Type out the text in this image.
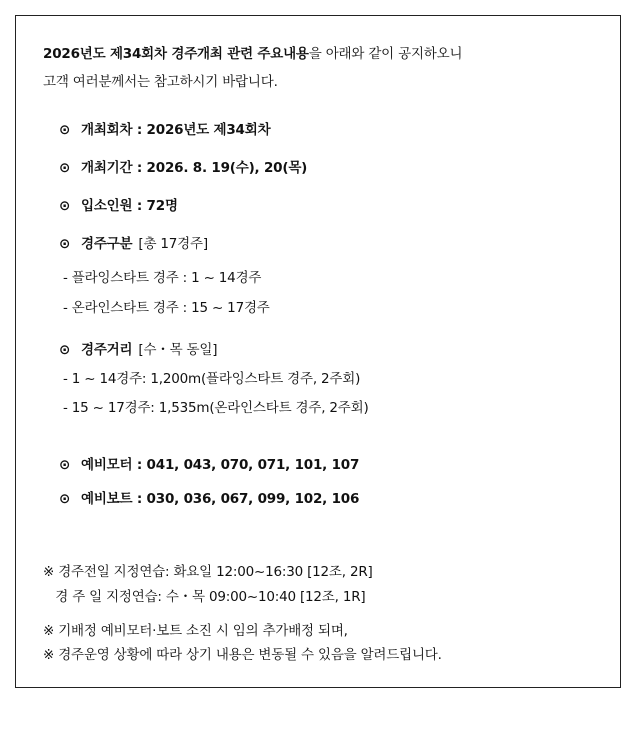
2026년도 제34회차 경주개최 관련 주요내용을 아래와 같이 공지하오니
고객 여러분께서는 참고하시기 바랍니다.
⊙ 개최회차 : 2026년도 제34회차
⊙ 개최기간 : 2026. 8. 19(수), 20(목)
⊙ 입소인원 : 72명
⊙ 경주구분 [총 17경주]
- 플라잉스타트 경주 : 1 ~ 14경주
- 온라인스타트 경주 : 15 ~ 17경주
⊙ 경주거리 [수・목 동일]
- 1 ~ 14경주: 1,200m(플라잉스타트 경주, 2주회)
- 15 ~ 17경주: 1,535m(온라인스타트 경주, 2주회)
⊙ 예비모터 : 041, 043, 070, 071, 101, 107
⊙ 예비보트 : 030, 036, 067, 099, 102, 106
※ 경주전일 지정연습: 화요일 12:00~16:30 [12조, 2R]
경 주 일 지정연습: 수・목 09:00~10:40 [12조, 1R]
※ 기배정 예비모터·보트 소진 시 임의 추가배정 되며,
※ 경주운영 상황에 따라 상기 내용은 변동될 수 있음을 알려드립니다.
